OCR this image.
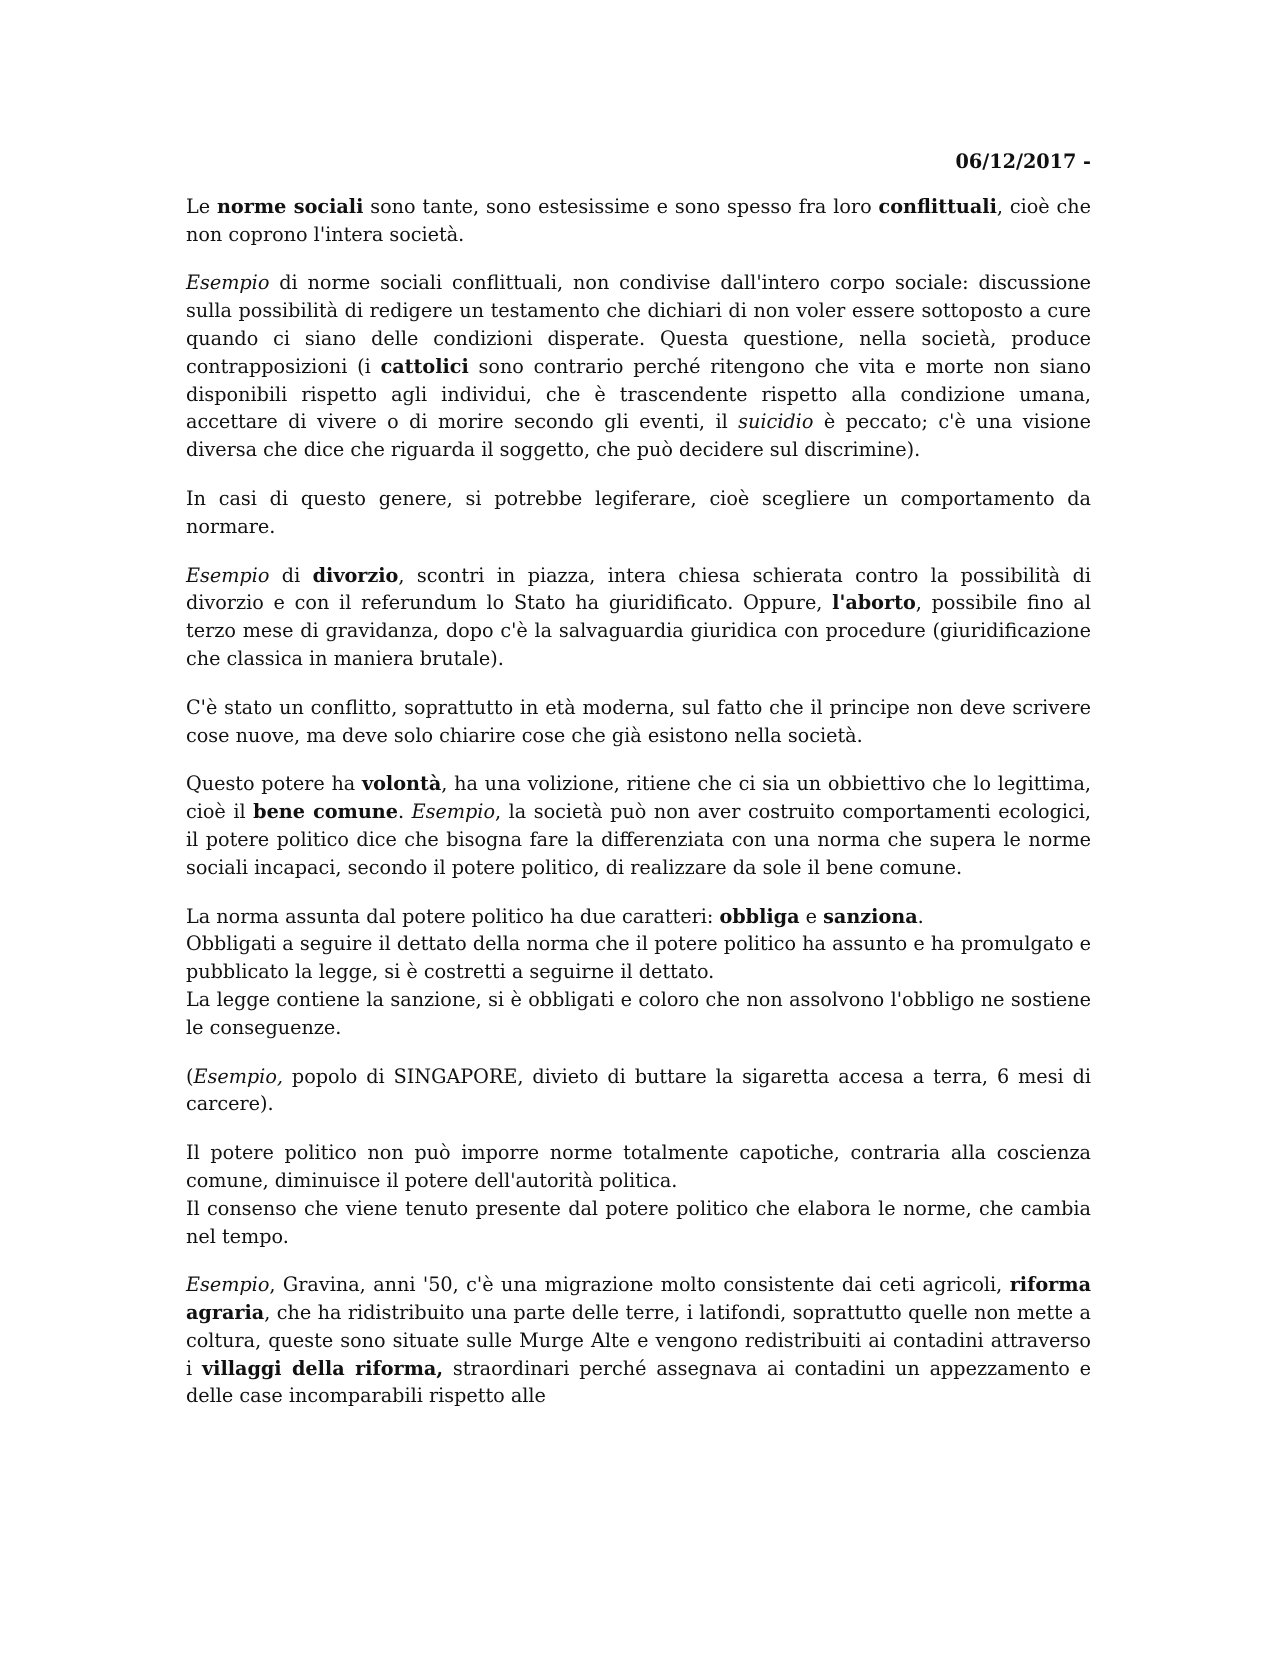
06/12/2017 -

Le norme sociali sono tante, sono estesissime e sono spesso fra loro conflittuali, cioè che non coprono l'intera società.

Esempio di norme sociali conflittuali, non condivise dall'intero corpo sociale: discussione sulla possibilità di redigere un testamento che dichiari di non voler essere sottoposto a cure quando ci siano delle condizioni disperate. Questa questione, nella società, produce contrapposizioni (i cattolici sono contrario perché ritengono che vita e morte non siano disponibili rispetto agli individui, che è trascendente rispetto alla condizione umana, accettare di vivere o di morire secondo gli eventi, il suicidio è peccato; c'è una visione diversa che dice che riguarda il soggetto, che può decidere sul discrimine).

In casi di questo genere, si potrebbe legiferare, cioè scegliere un comportamento da normare.

Esempio di divorzio, scontri in piazza, intera chiesa schierata contro la possibilità di divorzio e con il referundum lo Stato ha giuridificato. Oppure, l'aborto, possibile fino al terzo mese di gravidanza, dopo c'è la salvaguardia giuridica con procedure (giuridificazione che classica in maniera brutale).

C'è stato un conflitto, soprattutto in età moderna, sul fatto che il principe non deve scrivere cose nuove, ma deve solo chiarire cose che già esistono nella società.

Questo potere ha volontà, ha una volizione, ritiene che ci sia un obbiettivo che lo legittima, cioè il bene comune. Esempio, la società può non aver costruito comportamenti ecologici, il potere politico dice che bisogna fare la differenziata con una norma che supera le norme sociali incapaci, secondo il potere politico, di realizzare da sole il bene comune.

La norma assunta dal potere politico ha due caratteri: obbliga e sanziona.

Obbligati a seguire il dettato della norma che il potere politico ha assunto e ha promulgato e pubblicato la legge, si è costretti a seguirne il dettato.

La legge contiene la sanzione, si è obbligati e coloro che non assolvono l'obbligo ne sostiene le conseguenze.

(Esempio, popolo di SINGAPORE, divieto di buttare la sigaretta accesa a terra, 6 mesi di carcere).

Il potere politico non può imporre norme totalmente capotiche, contraria alla coscienza comune, diminuisce il potere dell'autorità politica.

Il consenso che viene tenuto presente dal potere politico che elabora le norme, che cambia nel tempo.

Esempio, Gravina, anni '50, c'è una migrazione molto consistente dai ceti agricoli, riforma agraria, che ha ridistribuito una parte delle terre, i latifondi, soprattutto quelle non mette a coltura, queste sono situate sulle Murge Alte e vengono redistribuiti ai contadini attraverso i villaggi della riforma, straordinari perché assegnava ai contadini un appezzamento e delle case incomparabili rispetto alle
